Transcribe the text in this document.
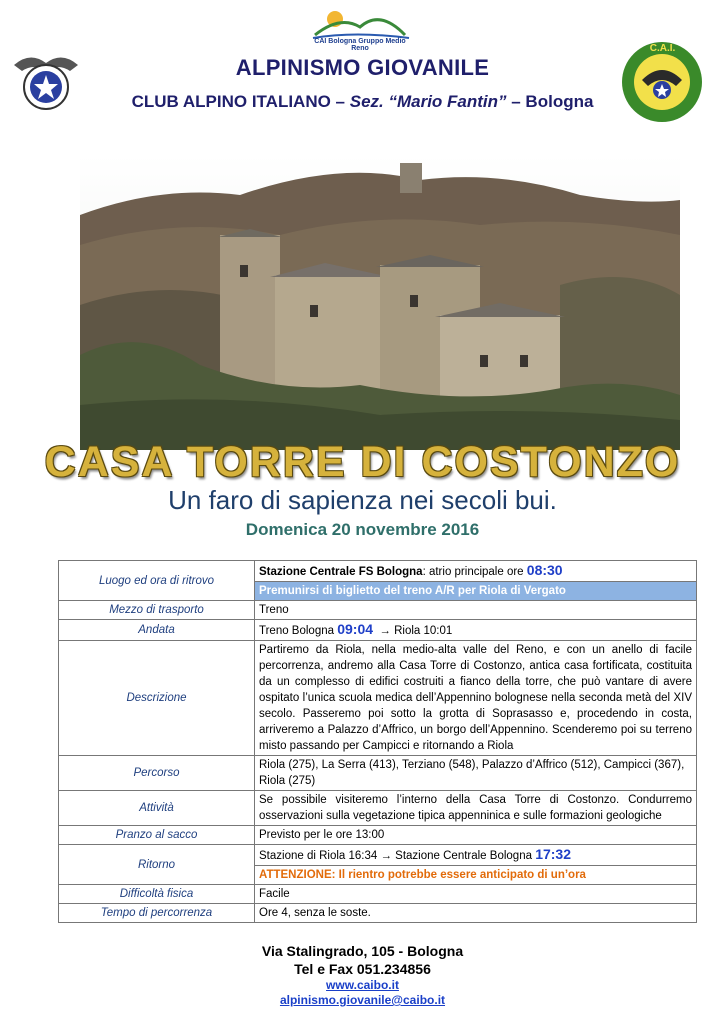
CAI Bologna Gruppo Medio Reno	C.A.I.
ALPINISMO GIOVANILE
CLUB ALPINO ITALIANO – Sez. “Mario Fantin” – Bologna
CASA TORRE DI COSTONZO
Un faro di sapienza nei secoli bui.
Domenica 20 novembre 2016
Luogo ed ora di ritrovo	Stazione Centrale FS Bologna: atrio principale ore 08:30
	Premunirsi di biglietto del treno A/R per Riola di Vergato
Mezzo di trasporto	Treno
Andata	Treno Bologna 09:04 → Riola 10:01
Descrizione	Partiremo da Riola, nella medio-alta valle del Reno, e con un anello di facile percorrenza, andremo alla Casa Torre di Costonzo, antica casa fortificata, costituita da un complesso di edifici costruiti a fianco della torre, che può vantare di avere ospitato l’unica scuola medica dell’Appennino bolognese nella seconda metà del XIV secolo. Passeremo poi sotto la grotta di Soprasasso e, procedendo in costa, arriveremo a Palazzo d’Affrico, un borgo dell’Appennino. Scenderemo poi su terreno misto passando per Campicci e ritornando a Riola
Percorso	Riola (275), La Serra (413), Terziano (548), Palazzo d’Affrico (512), Campicci (367), Riola (275)
Attività	Se possibile visiteremo l’interno della Casa Torre di Costonzo. Condurremo osservazioni sulla vegetazione tipica appenninica e sulle formazioni geologiche
Pranzo al sacco	Previsto per le ore 13:00
Ritorno	Stazione di Riola 16:34 → Stazione Centrale Bologna 17:32
	ATTENZIONE: Il rientro potrebbe essere anticipato di un’ora
Difficoltà fisica	Facile
Tempo di percorrenza	Ore 4, senza le soste.
Via Stalingrado, 105 - Bologna
Tel e Fax 051.234856
www.caibo.it
alpinismo.giovanile@caibo.it
